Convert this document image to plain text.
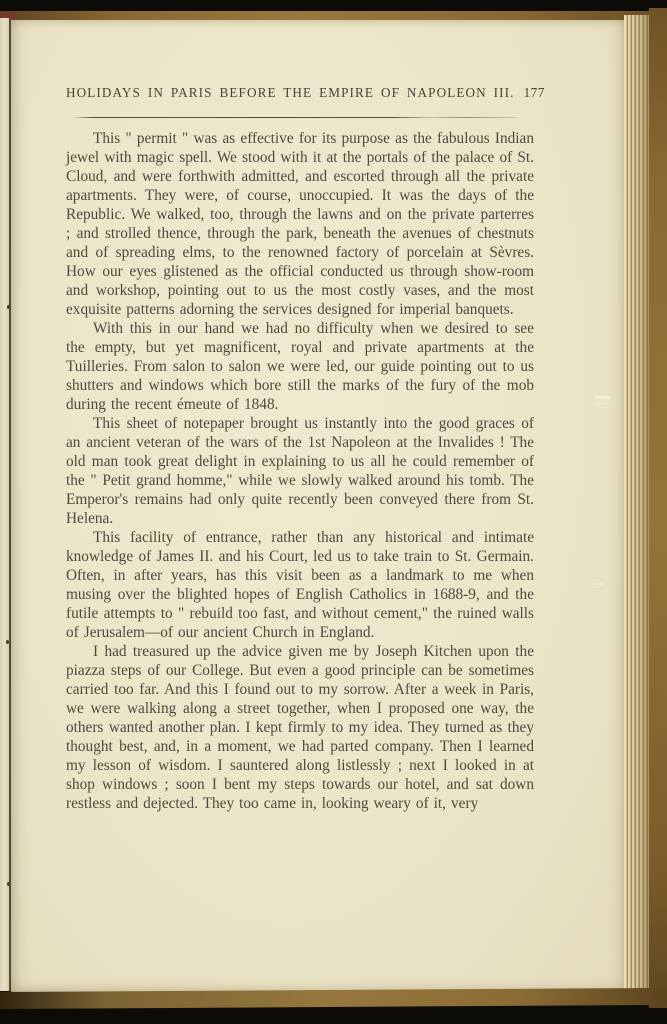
HOLIDAYS IN PARIS BEFORE THE EMPIRE OF NAPOLEON III. 177

This " permit " was as effective for its purpose as the fabulous Indian jewel with magic spell. We stood with it at the portals of the palace of St. Cloud, and were forthwith admitted, and escorted through all the private apartments. They were, of course, unoccupied. It was the days of the Republic. We walked, too, through the lawns and on the private parterres ; and strolled thence, through the park, beneath the avenues of chestnuts and of spreading elms, to the renowned factory of porcelain at Sèvres. How our eyes glistened as the official conducted us through show-room and workshop, pointing out to us the most costly vases, and the most exquisite patterns adorning the services designed for imperial banquets.

With this in our hand we had no difficulty when we desired to see the empty, but yet magnificent, royal and private apartments at the Tuilleries. From salon to salon we were led, our guide pointing out to us shutters and windows which bore still the marks of the fury of the mob during the recent émeute of 1848.

This sheet of notepaper brought us instantly into the good graces of an ancient veteran of the wars of the 1st Napoleon at the Invalides ! The old man took great delight in explaining to us all he could remember of the " Petit grand homme," while we slowly walked around his tomb. The Emperor's remains had only quite recently been conveyed there from St. Helena.

This facility of entrance, rather than any historical and intimate knowledge of James II. and his Court, led us to take train to St. Germain. Often, in after years, has this visit been as a landmark to me when musing over the blighted hopes of English Catholics in 1688-9, and the futile attempts to " rebuild too fast, and without cement," the ruined walls of Jerusalem—of our ancient Church in England.

I had treasured up the advice given me by Joseph Kitchen upon the piazza steps of our College. But even a good principle can be sometimes carried too far. And this I found out to my sorrow. After a week in Paris, we were walking along a street together, when I proposed one way, the others wanted another plan. I kept firmly to my idea. They turned as they thought best, and, in a moment, we had parted company. Then I learned my lesson of wisdom. I sauntered along listlessly ; next I looked in at shop windows ; soon I bent my steps towards our hotel, and sat down restless and dejected. They too came in, looking weary of it, very
